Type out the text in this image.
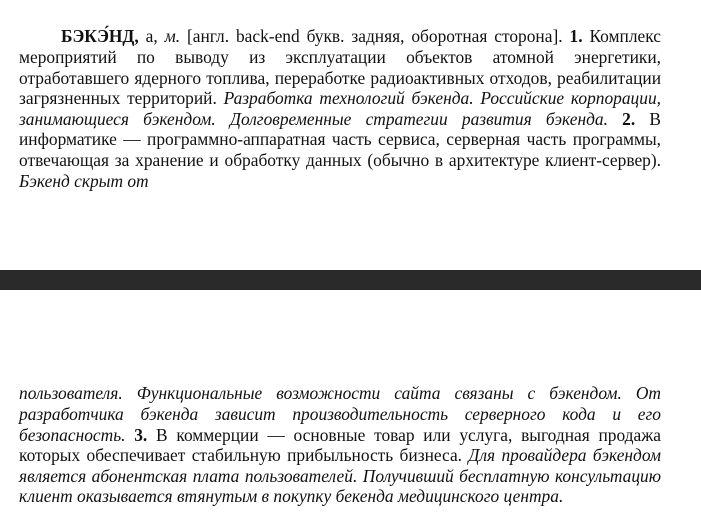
БЭКЭ́НД, а, м. [англ. back-end букв. задняя, оборотная сторона]. 1. Комплекс мероприятий по выводу из эксплуатации объектов атомной энергетики, отработавшего ядерного топлива, переработке радиоактивных отходов, реабилитации загрязненных территорий. Разработка технологий бэкенда. Российские корпорации, занимающиеся бэкендом. Долговременные стратегии развития бэкенда. 2. В информатике — программно-аппаратная часть сервиса, серверная часть программы, отвечающая за хранение и обработку данных (обычно в архитектуре клиент-сервер). Бэкенд скрыт от

пользователя. Функциональные возможности сайта связаны с бэкендом. От разработчика бэкенда зависит производительность серверного кода и его безопасность. 3. В коммерции — основные товар или услуга, выгодная продажа которых обеспечивает стабильную прибыльность бизнеса. Для провайдера бэкендом является абонентская плата пользователей. Получивший бесплатную консультацию клиент оказывается втянутым в покупку бекенда медицинского центра.
